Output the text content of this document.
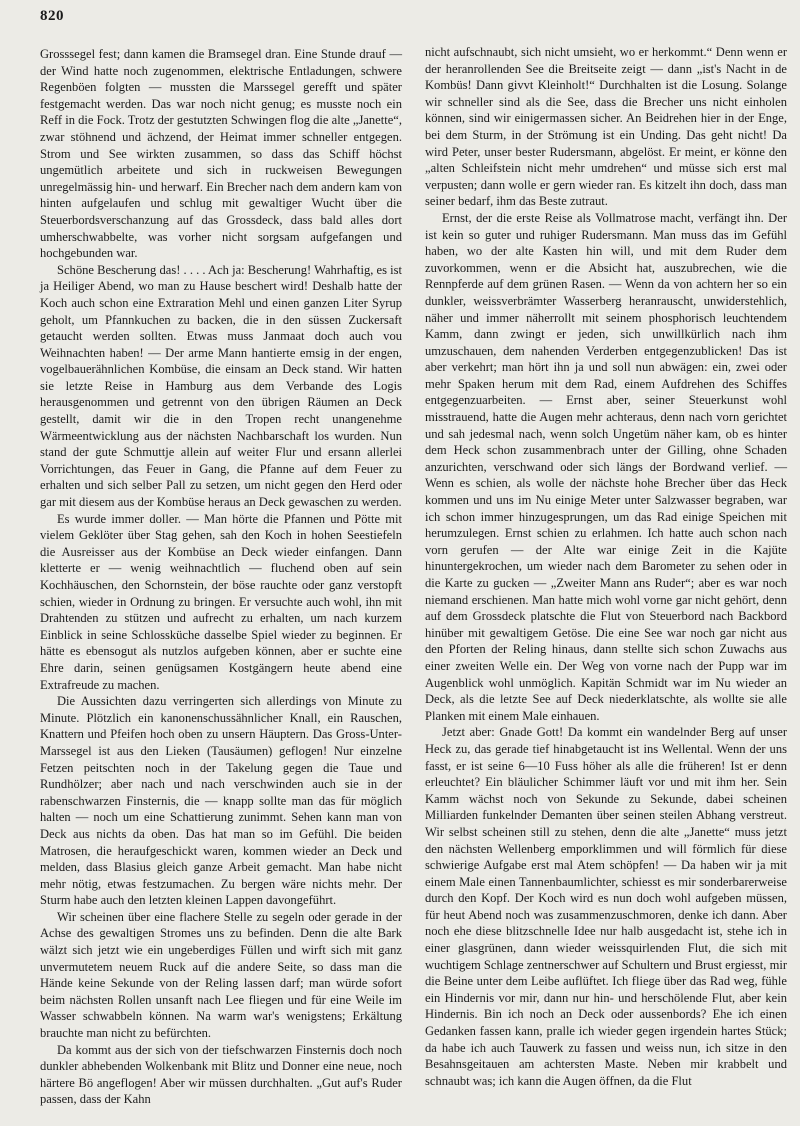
820

Grosssegel fest; dann kamen die Bramsegel dran. Eine Stunde drauf — der Wind hatte noch zugenommen, elektrische Entladungen, schwere Regenböen folgten — mussten die Marssegel gerefft und später festgemacht werden. Das war noch nicht genug; es musste noch ein Reff in die Fock. Trotz der gestutzten Schwingen flog die alte „Janette“, zwar stöhnend und ächzend, der Heimat immer schneller entgegen. Strom und See wirkten zusammen, so dass das Schiff höchst ungemütlich arbeitete und sich in ruckweisen Bewegungen unregelmässig hin- und herwarf. Ein Brecher nach dem andern kam von hinten aufgelaufen und schlug mit gewaltiger Wucht über die Steuerbordsverschanzung auf das Grossdeck, dass bald alles dort umherschwabbelte, was vorher nicht sorgsam aufgefangen und hochgebunden war.

Schöne Bescherung das! . . . . Ach ja: Bescherung! Wahrhaftig, es ist ja Heiliger Abend, wo man zu Hause beschert wird! Deshalb hatte der Koch auch schon eine Extraration Mehl und einen ganzen Liter Syrup geholt, um Pfannkuchen zu backen, die in den süssen Zuckersaft getaucht werden sollten. Etwas muss Janmaat doch auch vou Weihnachten haben! — Der arme Mann hantierte emsig in der engen, vogelbauerähnlichen Kombüse, die einsam an Deck stand. Wir hatten sie letzte Reise in Hamburg aus dem Verbande des Logis herausgenommen und getrennt von den übrigen Räumen an Deck gestellt, damit wir die in den Tropen recht unangenehme Wärmeentwicklung aus der nächsten Nachbarschaft los wurden. Nun stand der gute Schmuttje allein auf weiter Flur und ersann allerlei Vorrichtungen, das Feuer in Gang, die Pfanne auf dem Feuer zu erhalten und sich selber Pall zu setzen, um nicht gegen den Herd oder gar mit diesem aus der Kombüse heraus an Deck gewaschen zu werden.

Es wurde immer doller. — Man hörte die Pfannen und Pötte mit vielem Geklöter über Stag gehen, sah den Koch in hohen Seestiefeln die Ausreisser aus der Kombüse an Deck wieder einfangen. Dann kletterte er — wenig weihnachtlich — fluchend oben auf sein Kochhäuschen, den Schornstein, der böse rauchte oder ganz verstopft schien, wieder in Ordnung zu bringen. Er versuchte auch wohl, ihn mit Drahtenden zu stützen und aufrecht zu erhalten, um nach kurzem Einblick in seine Schlossküche dasselbe Spiel wieder zu beginnen. Er hätte es ebensogut als nutzlos aufgeben können, aber er suchte eine Ehre darin, seinen genügsamen Kostgängern heute abend eine Extrafreude zu machen.

Die Aussichten dazu verringerten sich allerdings von Minute zu Minute. Plötzlich ein kanonenschussähnlicher Knall, ein Rauschen, Knattern und Pfeifen hoch oben zu unsern Häuptern. Das Gross-Unter-Marssegel ist aus den Lieken (Tausäumen) geflogen! Nur einzelne Fetzen peitschten noch in der Takelung gegen die Taue und Rundhölzer; aber nach und nach verschwinden auch sie in der rabenschwarzen Finsternis, die — knapp sollte man das für möglich halten — noch um eine Schattierung zunimmt. Sehen kann man von Deck aus nichts da oben. Das hat man so im Gefühl. Die beiden Matrosen, die heraufgeschickt waren, kommen wieder an Deck und melden, dass Blasius gleich ganze Arbeit gemacht. Man habe nicht mehr nötig, etwas festzumachen. Zu bergen wäre nichts mehr. Der Sturm habe auch den letzten kleinen Lappen davongeführt.

Wir scheinen über eine flachere Stelle zu segeln oder gerade in der Achse des gewaltigen Stromes uns zu befinden. Denn die alte Bark wälzt sich jetzt wie ein ungeberdiges Füllen und wirft sich mit ganz unvermutetem neuem Ruck auf die andere Seite, so dass man die Hände keine Sekunde von der Reling lassen darf; man würde sofort beim nächsten Rollen unsanft nach Lee fliegen und für eine Weile im Wasser schwabbeln können. Na warm war's wenigstens; Erkältung brauchte man nicht zu befürchten.

Da kommt aus der sich von der tiefschwarzen Finsternis doch noch dunkler abhebenden Wolkenbank mit Blitz und Donner eine neue, noch härtere Bö angeflogen! Aber wir müssen durchhalten. „Gut auf's Ruder passen, dass der Kahn

nicht aufschnaubt, sich nicht umsieht, wo er herkommt.“ Denn wenn er der heranrollenden See die Breitseite zeigt — dann „ist's Nacht in de Kombüs! Dann givvt Kleinholt!“ Durchhalten ist die Losung. Solange wir schneller sind als die See, dass die Brecher uns nicht einholen können, sind wir einigermassen sicher. An Beidrehen hier in der Enge, bei dem Sturm, in der Strömung ist ein Unding. Das geht nicht! Da wird Peter, unser bester Rudersmann, abgelöst. Er meint, er könne den „alten Schleifstein nicht mehr umdrehen“ und müsse sich erst mal verpusten; dann wolle er gern wieder ran. Es kitzelt ihn doch, dass man seiner bedarf, ihm das Beste zutraut.

Ernst, der die erste Reise als Vollmatrose macht, verfängt ihn. Der ist kein so guter und ruhiger Rudersmann. Man muss das im Gefühl haben, wo der alte Kasten hin will, und mit dem Ruder dem zuvorkommen, wenn er die Absicht hat, auszubrechen, wie die Rennpferde auf dem grünen Rasen. — Wenn da von achtern her so ein dunkler, weissverbrämter Wasserberg heranrauscht, unwiderstehlich, näher und immer näherrollt mit seinem phosphorisch leuchtendem Kamm, dann zwingt er jeden, sich unwillkürlich nach ihm umzuschauen, dem nahenden Verderben entgegenzublicken! Das ist aber verkehrt; man hört ihn ja und soll nun abwägen: ein, zwei oder mehr Spaken herum mit dem Rad, einem Aufdrehen des Schiffes entgegenzuarbeiten. — Ernst aber, seiner Steuerkunst wohl misstrauend, hatte die Augen mehr achteraus, denn nach vorn gerichtet und sah jedesmal nach, wenn solch Ungetüm näher kam, ob es hinter dem Heck schon zusammenbrach unter der Gilling, ohne Schaden anzurichten, verschwand oder sich längs der Bordwand verlief. — Wenn es schien, als wolle der nächste hohe Brecher über das Heck kommen und uns im Nu einige Meter unter Salzwasser begraben, war ich schon immer hinzugesprungen, um das Rad einige Speichen mit herumzulegen. Ernst schien zu erlahmen. Ich hatte auch schon nach vorn gerufen — der Alte war einige Zeit in die Kajüte hinuntergekrochen, um wieder nach dem Barometer zu sehen oder in die Karte zu gucken — „Zweiter Mann ans Ruder“; aber es war noch niemand erschienen. Man hatte mich wohl vorne gar nicht gehört, denn auf dem Grossdeck platschte die Flut von Steuerbord nach Backbord hinüber mit gewaltigem Getöse. Die eine See war noch gar nicht aus den Pforten der Reling hinaus, dann stellte sich schon Zuwachs aus einer zweiten Welle ein. Der Weg von vorne nach der Pupp war im Augenblick wohl unmöglich. Kapitän Schmidt war im Nu wieder an Deck, als die letzte See auf Deck niederklatschte, als wollte sie alle Planken mit einem Male einhauen.

Jetzt aber: Gnade Gott! Da kommt ein wandelnder Berg auf unser Heck zu, das gerade tief hinabgetaucht ist ins Wellental. Wenn der uns fasst, er ist seine 6—10 Fuss höher als alle die früheren! Ist er denn erleuchtet? Ein bläulicher Schimmer läuft vor und mit ihm her. Sein Kamm wächst noch von Sekunde zu Sekunde, dabei scheinen Milliarden funkelnder Demanten über seinen steilen Abhang verstreut. Wir selbst scheinen still zu stehen, denn die alte „Janette“ muss jetzt den nächsten Wellenberg emporklimmen und will förmlich für diese schwierige Aufgabe erst mal Atem schöpfen! — Da haben wir ja mit einem Male einen Tannenbaumlichter, schiesst es mir sonderbarerweise durch den Kopf. Der Koch wird es nun doch wohl aufgeben müssen, für heut Abend noch was zusammenzuschmoren, denke ich dann. Aber noch ehe diese blitzschnelle Idee nur halb ausgedacht ist, stehe ich in einer glasgrünen, dann wieder weissquirlenden Flut, die sich mit wuchtigem Schlage zentnerschwer auf Schultern und Brust ergiesst, mir die Beine unter dem Leibe auflüftet. Ich fliege über das Rad weg, fühle ein Hindernis vor mir, dann nur hin- und herschölende Flut, aber kein Hindernis. Bin ich noch an Deck oder aussenbords? Ehe ich einen Gedanken fassen kann, pralle ich wieder gegen irgendein hartes Stück; da habe ich auch Tauwerk zu fassen und weiss nun, ich sitze in den Besahnsgeitauen am achtersten Maste. Neben mir krabbelt und schnaubt was; ich kann die Augen öffnen, da die Flut
